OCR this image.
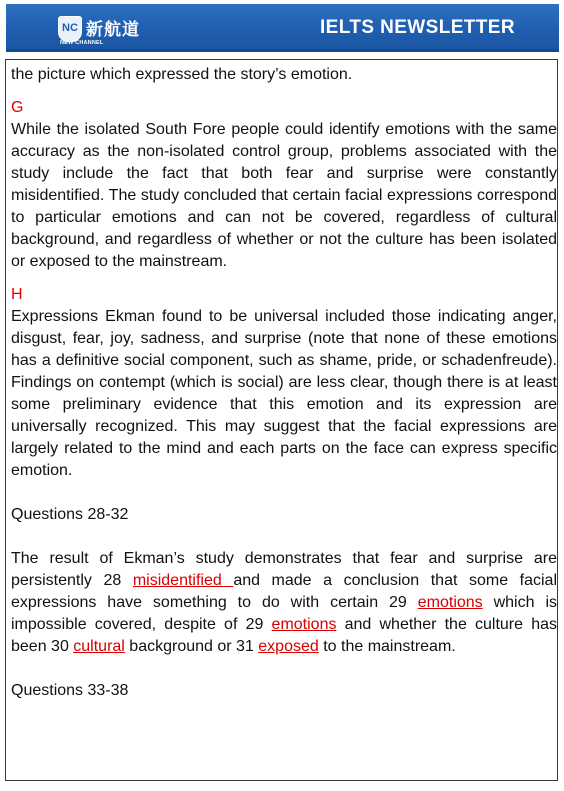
NC 新航道
NEW CHANNEL
IELTS NEWSLETTER

the picture which expressed the story’s emotion.

G

While the isolated South Fore people could identify emotions with the same accuracy as the non-isolated control group, problems associated with the study include the fact that both fear and surprise were constantly misidentified. The study concluded that certain facial expressions correspond to particular emotions and can not be covered, regardless of cultural background, and regardless of whether or not the culture has been isolated or exposed to the mainstream.

H

Expressions Ekman found to be universal included those indicating anger, disgust, fear, joy, sadness, and surprise (note that none of these emotions has a definitive social component, such as shame, pride, or schadenfreude). Findings on contempt (which is social) are less clear, though there is at least some preliminary evidence that this emotion and its expression are universally recognized. This may suggest that the facial expressions are largely related to the mind and each parts on the face can express specific emotion.

Questions 28-32

The result of Ekman’s study demonstrates that fear and surprise are persistently 28 misidentified and made a conclusion that some facial expressions have something to do with certain 29 emotions which is impossible covered, despite of 29 emotions and whether the culture has been 30 cultural background or 31 exposed to the mainstream.

Questions 33-38
